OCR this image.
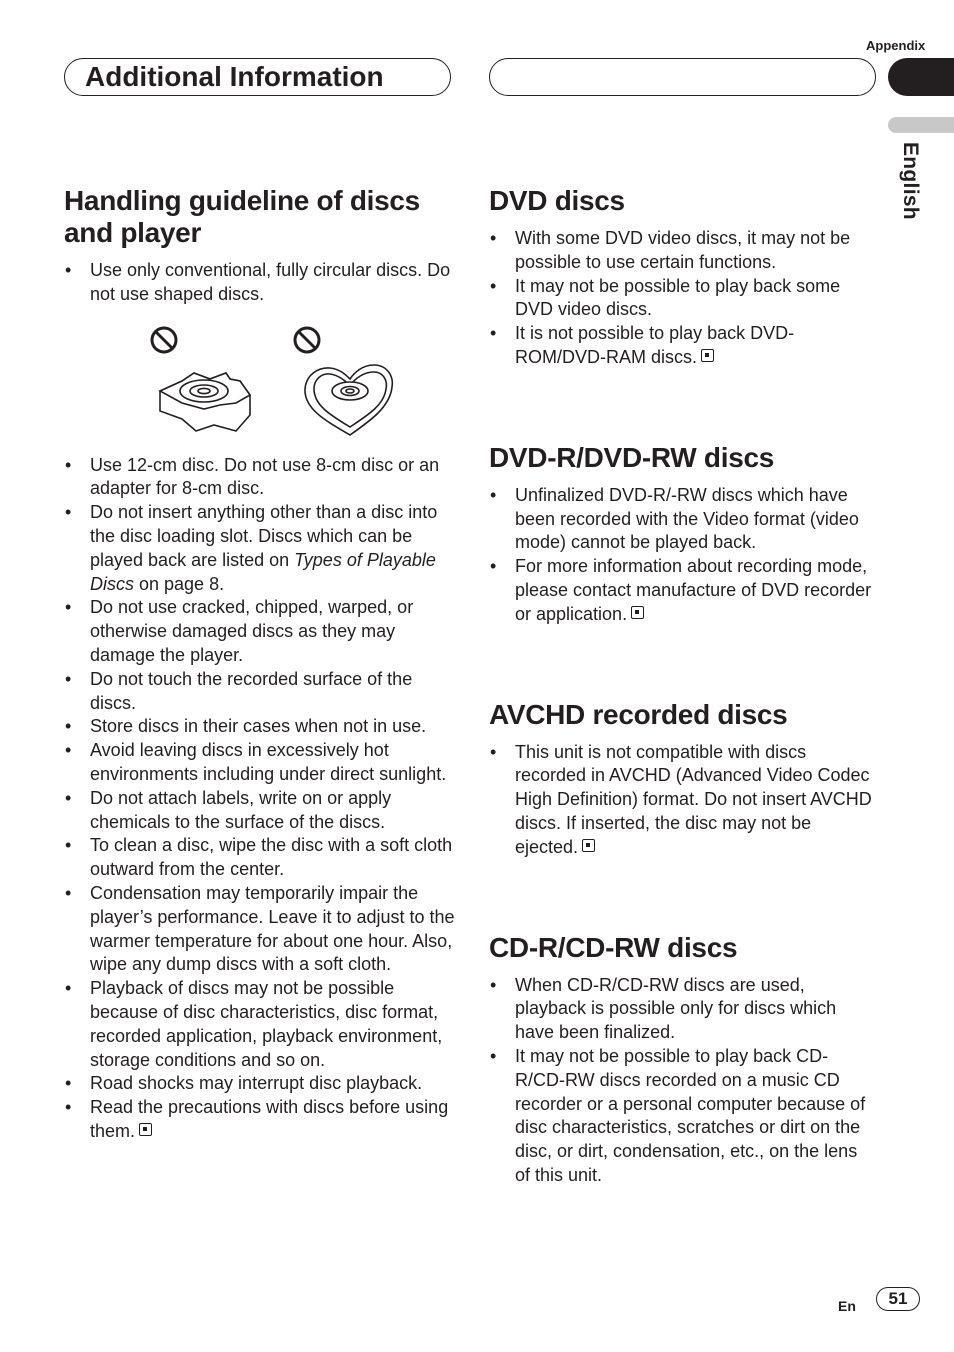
Appendix
Additional Information
English
Handling guideline of discs and player
• Use only conventional, fully circular discs. Do not use shaped discs.
• Use 12-cm disc. Do not use 8-cm disc or an adapter for 8-cm disc.
• Do not insert anything other than a disc into the disc loading slot. Discs which can be played back are listed on Types of Playable Discs on page 8.
• Do not use cracked, chipped, warped, or otherwise damaged discs as they may damage the player.
• Do not touch the recorded surface of the discs.
• Store discs in their cases when not in use.
• Avoid leaving discs in excessively hot environments including under direct sunlight.
• Do not attach labels, write on or apply chemicals to the surface of the discs.
• To clean a disc, wipe the disc with a soft cloth outward from the center.
• Condensation may temporarily impair the player’s performance. Leave it to adjust to the warmer temperature for about one hour. Also, wipe any dump discs with a soft cloth.
• Playback of discs may not be possible because of disc characteristics, disc format, recorded application, playback environment, storage conditions and so on.
• Road shocks may interrupt disc playback.
• Read the precautions with discs before using them.
DVD discs
• With some DVD video discs, it may not be possible to use certain functions.
• It may not be possible to play back some DVD video discs.
• It is not possible to play back DVD-ROM/DVD-RAM discs.
DVD-R/DVD-RW discs
• Unfinalized DVD-R/-RW discs which have been recorded with the Video format (video mode) cannot be played back.
• For more information about recording mode, please contact manufacture of DVD recorder or application.
AVCHD recorded discs
• This unit is not compatible with discs recorded in AVCHD (Advanced Video Codec High Definition) format. Do not insert AVCHD discs. If inserted, the disc may not be ejected.
CD-R/CD-RW discs
• When CD-R/CD-RW discs are used, playback is possible only for discs which have been finalized.
• It may not be possible to play back CD-R/CD-RW discs recorded on a music CD recorder or a personal computer because of disc characteristics, scratches or dirt on the disc, or dirt, condensation, etc., on the lens of this unit.
En	51
